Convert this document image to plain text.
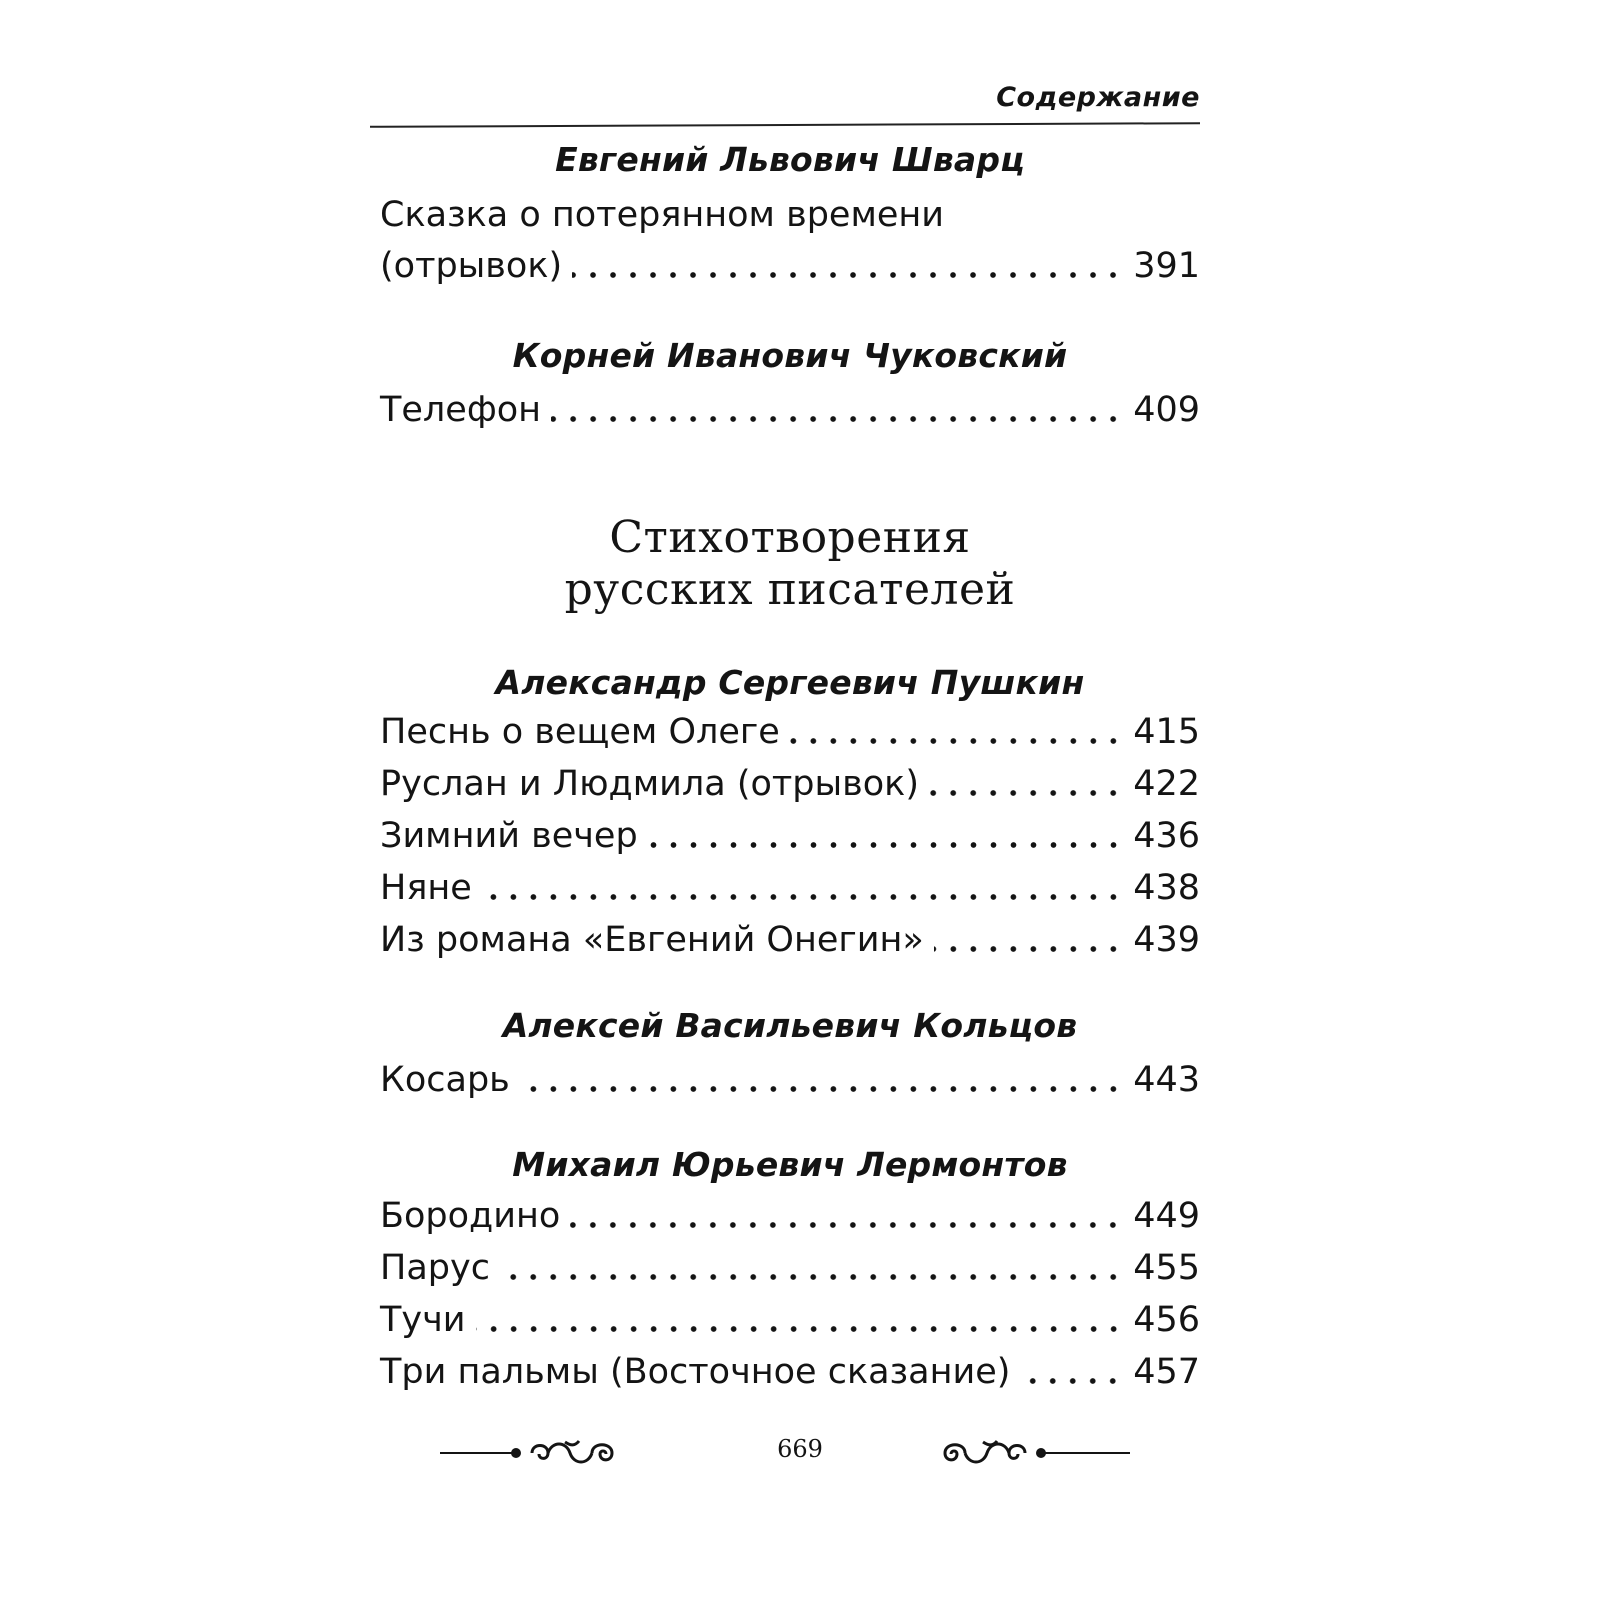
Содержание
Евгений Львович Шварц
Сказка о потерянном времени
(отрывок)	391
Корней Иванович Чуковский
Телефон	409
Стихотворения
русских писателей
Александр Сергеевич Пушкин
Песнь о вещем Олеге	415
Руслан и Людмила (отрывок)	422
Зимний вечер	436
Няне	438
Из романа «Евгений Онегин»	439
Алексей Васильевич Кольцов
Косарь	443
Михаил Юрьевич Лермонтов
Бородино	449
Парус	455
Тучи	456
Три пальмы (Восточное сказание)	457
669
